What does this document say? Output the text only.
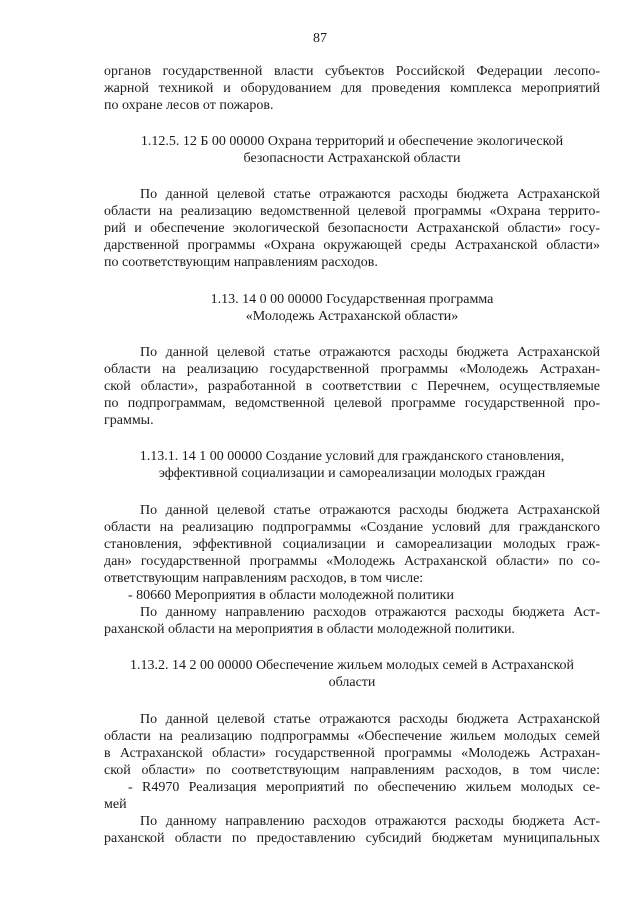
87
органов государственной власти субъектов Российской Федерации лесопо-
жарной техникой и оборудованием для проведения комплекса мероприятий
по охране лесов от пожаров.
1.12.5. 12 Б 00 00000 Охрана территорий и обеспечение экологической
безопасности Астраханской области
По данной целевой статье отражаются расходы бюджета Астраханской
области на реализацию ведомственной целевой программы «Охрана террито-
рий и обеспечение экологической безопасности Астраханской области» госу-
дарственной программы «Охрана окружающей среды Астраханской области»
по соответствующим направлениям расходов.
1.13. 14 0 00 00000 Государственная программа
«Молодежь Астраханской области»
По данной целевой статье отражаются расходы бюджета Астраханской
области на реализацию государственной программы «Молодежь Астрахан-
ской области», разработанной в соответствии с Перечнем, осуществляемые
по подпрограммам, ведомственной целевой программе государственной про-
граммы.
1.13.1. 14 1 00 00000 Создание условий для гражданского становления,
эффективной социализации и самореализации молодых граждан
По данной целевой статье отражаются расходы бюджета Астраханской
области на реализацию подпрограммы «Создание условий для гражданского
становления, эффективной социализации и самореализации молодых граж-
дан» государственной программы «Молодежь Астраханской области» по со-
ответствующим направлениям расходов, в том числе:
- 80660 Мероприятия в области молодежной политики
По данному направлению расходов отражаются расходы бюджета Аст-
раханской области на мероприятия в области молодежной политики.
1.13.2. 14 2 00 00000 Обеспечение жильем молодых семей в Астраханской
области
По данной целевой статье отражаются расходы бюджета Астраханской
области на реализацию подпрограммы «Обеспечение жильем молодых семей
в Астраханской области» государственной программы «Молодежь Астрахан-
ской области» по соответствующим направлениям расходов, в том числе:
- R4970 Реализация мероприятий по обеспечению жильем молодых се-
мей
По данному направлению расходов отражаются расходы бюджета Аст-
раханской области по предоставлению субсидий бюджетам муниципальных
